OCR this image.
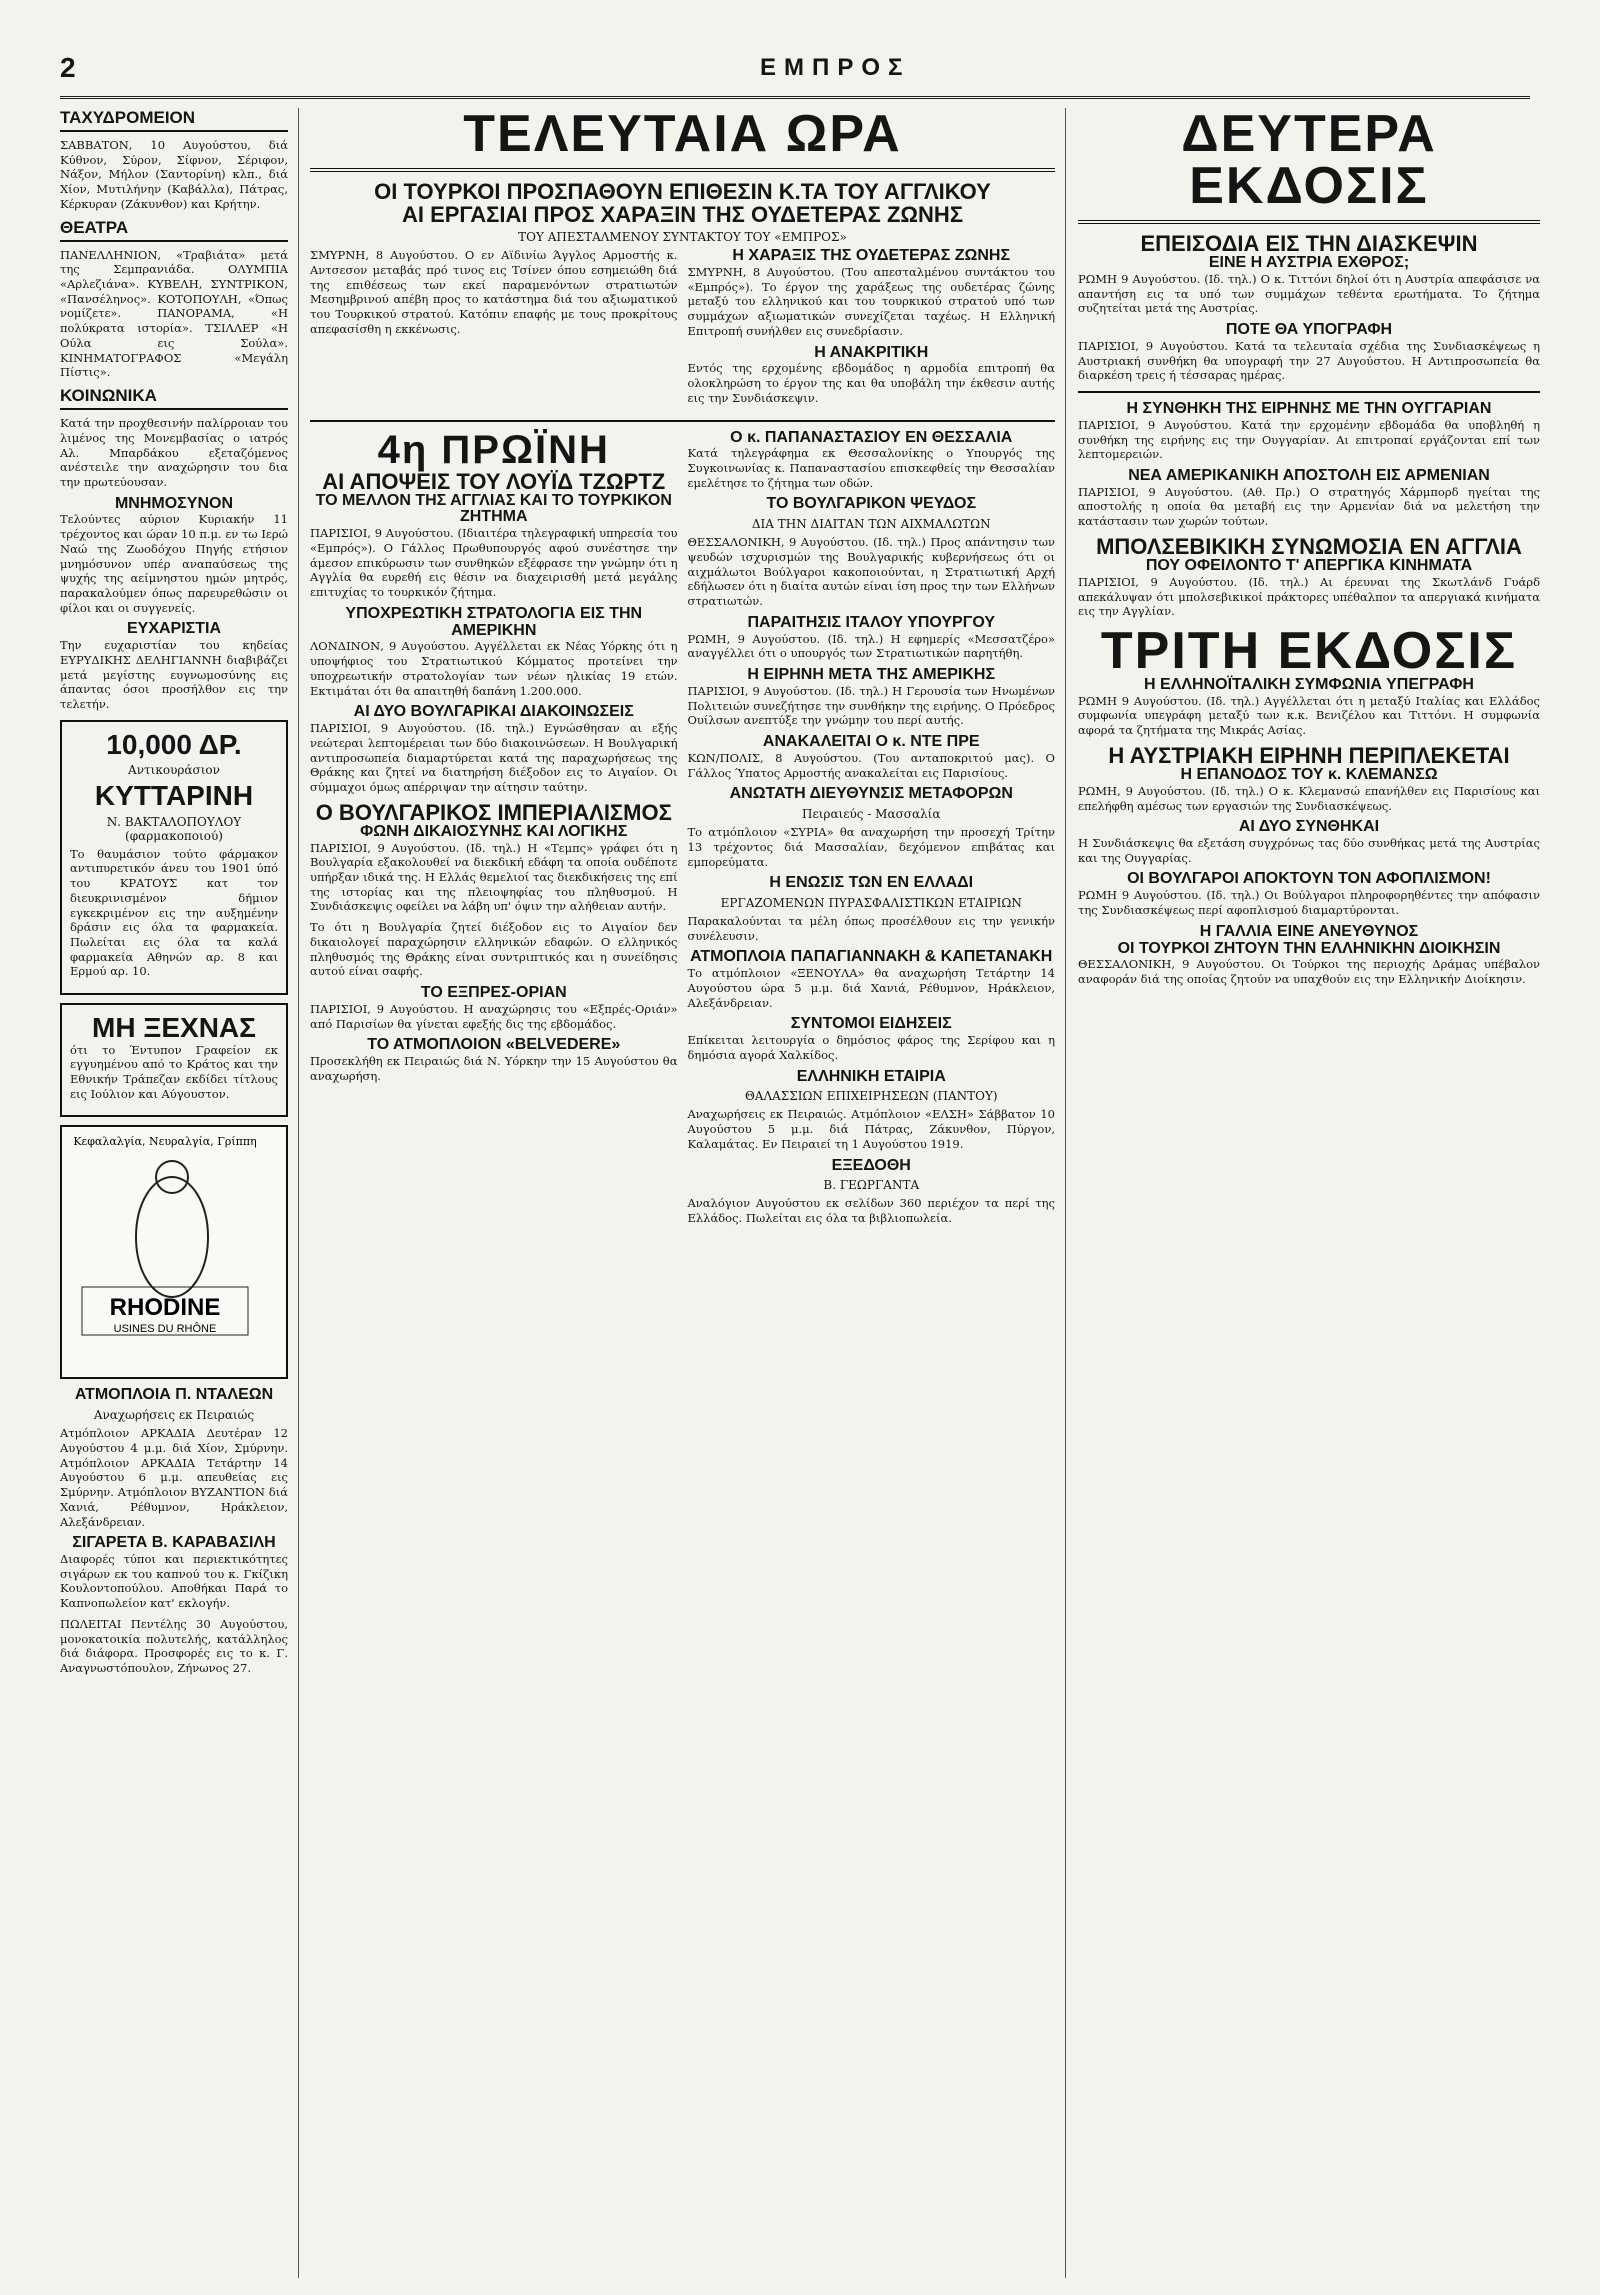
2	ΕΜΠΡΟΣ
ΤΑΧΥΔΡΟΜΕΙΟΝ

ΣΑΒΒΑΤΟΝ, 10 Αυγούστου, διά Κύθνον, Σύρον, Σίφνον, Σέριφον, Νάξον, Μήλον (Σαντορίνη) κλπ., διά Χίον, Μυτιλήνην (Καβάλλα), Πάτρας, Κέρκυραν (Ζάκυνθον) και Κρήτην.

ΘΕΑΤΡΑ

ΠΑΝΕΛΛΗΝΙΟΝ, «Τραβιάτα» μετά της Σεμπρανιάδα. ΟΛΥΜΠΙΑ «Αρλεζιάνα». ΚΥΒΕΛΗ, ΣΥΝΤΡΙΚΟΝ, «Πανσέληνος». ΚΟΤΟΠΟΥΛΗ, «Όπως νομίζετε». ΠΑΝΟΡΑΜΑ, «Η πολύκρατα ιστορία». ΤΣΙΛΛΕΡ «Η Ούλα εις Σούλα». ΚΙΝΗΜΑΤΟΓΡΑΦΟΣ «Μεγάλη Πίστις».

ΚΟΙΝΩΝΙΚΑ

Κατά την προχθεσινήν παλίρροιαν του λιμένος της Μονεμβασίας ο ιατρός Αλ. Μπαρδάκου εξεταζόμενος ανέστειλε την αναχώρησιν του δια την πρωτεύουσαν.

ΜΝΗΜΟΣΥΝΟΝ

Τελούντες αύριον Κυριακήν 11 τρέχοντος και ώραν 10 π.μ. εν τω Ιερώ Ναώ της Ζωοδόχου Πηγής ετήσιον μνημόσυνον υπέρ αναπαύσεως της ψυχής της αείμνηστου ημών μητρός, παρακαλούμεν όπως παρευρεθώσιν οι φίλοι και οι συγγενείς.

ΕΥΧΑΡΙΣΤΙΑ

Την ευχαριστίαν του κηδείας ΕΥΡΥΔΙΚΗΣ ΔΕΛΗΓΙΑΝΝΗ διαβιβάζει μετά μεγίστης ευγνωμοσύνης εις άπαντας όσοι προσήλθον εις την τελετήν.

10,000 ΔΡ.
Αντικουράσιον
ΚΥΤΤΑΡΙΝΗ
Ν. ΒΑΚΤΑΛΟΠΟΥΛΟΥ (φαρμακοποιού)

Το θαυμάσιον τούτο φάρμακον αντιπυρετικόν άνευ του 1901 ύπό του ΚΡΑΤΟΥΣ κατ τον διευκρινισμένον δήμιον εγκεκριμένον εις την αυξημένην δράσιν εις όλα τα φαρμακεία. Πωλείται εις όλα τα καλά φαρμακεία Αθηνών αρ. 8 και Ερμού αρ. 10.

ΜΗ ΞΕΧΝΑΣ

ότι το Έντυπον Γραφείον εκ εγγυημένου από το Κράτος και την Εθνικήν Τράπεζαν εκδίδει τίτλους εις Ιούλιον και Αύγουστον.

Κεφαλαλγία, Νευραλγία, Γρίππη
RHODINE
USINES DU RHÔNE
ΑΤΜΟΠΛΟΙΑ Π. ΝΤΑΛΕΩΝ
Αναχωρήσεις εκ Πειραιώς

Ατμόπλοιον ΑΡΚΑΔΙΑ Δευτέραν 12 Αυγούστου 4 μ.μ. διά Χίον, Σμύρνην. Ατμόπλοιον ΑΡΚΑΔΙΑ Τετάρτην 14 Αυγούστου 6 μ.μ. απευθείας εις Σμύρνην. Ατμόπλοιον ΒΥΖΑΝΤΙΟΝ διά Χανιά, Ρέθυμνον, Ηράκλειον, Αλεξάνδρειαν.

ΣΙΓΑΡΕΤΑ Β. ΚΑΡΑΒΑΣΙΛΗ

Διαφορές τύποι και περιεκτικότητες σιγάρων εκ του καπνού του κ. Γκίζικη Κουλοντοπούλου. Αποθήκαι Παρά το Καπνοπωλείον κατ' εκλογήν.

ΠΩΛΕΙΤΑΙ Πεντέλης 30 Αυγούστου, μονοκατοικία πολυτελής, κατάλληλος διά διάφορα. Προσφορές εις το κ. Γ. Αναγνωστόπουλον, Ζήνωνος 27.

ΤΕΛΕΥΤΑΙΑ ΩΡΑ
ΟΙ ΤΟΥΡΚΟΙ ΠΡΟΣΠΑΘΟΥΝ ΕΠΙΘΕΣΙΝ Κ.ΤΑ ΤΟΥ ΑΓΓΛΙΚΟΥ
ΑΙ ΕΡΓΑΣΙΑΙ ΠΡΟΣ ΧΑΡΑΞΙΝ ΤΗΣ ΟΥΔΕΤΕΡΑΣ ΖΩΝΗΣ
ΤΟΥ ΑΠΕΣΤΑΛΜΕΝΟΥ ΣΥΝΤΑΚΤΟΥ ΤΟΥ «ΕΜΠΡΟΣ»

ΣΜΥΡΝΗ, 8 Αυγούστου. Ο εν Αϊδινίω Άγγλος Αρμοστής κ. Αντσεσον μεταβάς πρό τινος εις Τσίνεν όπου εσημειώθη διά της επιθέσεως των εκεί παραμενόντων στρατιωτών Μεσημβρινού απέβη προς το κατάστημα διά του αξιωματικού του Τουρκικού στρατού. Κατόπιν επαφής με τους προκρίτους απεφασίσθη η εκκένωσις.

Η ΧΑΡΑΞΙΣ ΤΗΣ ΟΥΔΕΤΕΡΑΣ ΖΩΝΗΣ

ΣΜΥΡΝΗ, 8 Αυγούστου. (Του απεσταλμένου συντάκτου του «Εμπρός»). Το έργον της χαράξεως της ουδετέρας ζώνης μεταξύ του ελληνικού και του τουρκικού στρατού υπό των συμμάχων αξιωματικών συνεχίζεται ταχέως. Η Ελληνική Επιτροπή συνήλθεν εις συνεδρίασιν.

Η ΑΝΑΚΡΙΤΙΚΗ

Εντός της ερχομένης εβδομάδος η αρμοδία επιτροπή θα ολοκληρώση το έργον της και θα υποβάλη την έκθεσιν αυτής εις την Συνδιάσκεψιν.

4η ΠΡΩΪΝΗ
ΑΙ ΑΠΟΨΕΙΣ ΤΟΥ ΛΟΥΪΔ ΤΖΩΡΤΖ
ΤΟ ΜΕΛΛΟΝ ΤΗΣ ΑΓΓΛΙΑΣ ΚΑΙ ΤΟ ΤΟΥΡΚΙΚΟΝ ΖΗΤΗΜΑ

ΠΑΡΙΣΙΟΙ, 9 Αυγούστου. (Ιδιαιτέρα τηλεγραφική υπηρεσία του «Εμπρός»). Ο Γάλλος Πρωθυπουργός αφού συνέστησε την άμεσον επικύρωσιν των συνθηκών εξέφρασε την γνώμην ότι η Αγγλία θα ευρεθή εις θέσιν να διαχειρισθή μετά μεγάλης επιτυχίας το τουρκικόν ζήτημα.

ΥΠΟΧΡΕΩΤΙΚΗ ΣΤΡΑΤΟΛΟΓΙΑ ΕΙΣ ΤΗΝ ΑΜΕΡΙΚΗΝ

ΛΟΝΔΙΝΟΝ, 9 Αυγούστου. Αγγέλλεται εκ Νέας Υόρκης ότι η υποψήφιος του Στρατιωτικού Κόμματος προτείνει την υποχρεωτικήν στρατολογίαν των νέων ηλικίας 19 ετών. Εκτιμάται ότι θα απαιτηθή δαπάνη 1.200.000.

ΑΙ ΔΥΟ ΒΟΥΛΓΑΡΙΚΑΙ ΔΙΑΚΟΙΝΩΣΕΙΣ

ΠΑΡΙΣΙΟΙ, 9 Αυγούστου. (Ιδ. τηλ.) Εγνώσθησαν αι εξής νεώτεραι λεπτομέρειαι των δύο διακοινώσεων. Η Βουλγαρική αντιπροσωπεία διαμαρτύρεται κατά της παραχωρήσεως της Θράκης και ζητεί να διατηρήση διέξοδον εις το Αιγαίον. Οι σύμμαχοι όμως απέρριψαν την αίτησιν ταύτην.

Ο ΒΟΥΛΓΑΡΙΚΟΣ ΙΜΠΕΡΙΑΛΙΣΜΟΣ
ΦΩΝΗ ΔΙΚΑΙΟΣΥΝΗΣ ΚΑΙ ΛΟΓΙΚΗΣ

ΠΑΡΙΣΙΟΙ, 9 Αυγούστου. (Ιδ. τηλ.) Η «Τεμπς» γράφει ότι η Βουλγαρία εξακολουθεί να διεκδική εδάφη τα οποία ουδέποτε υπήρξαν ιδικά της. Η Ελλάς θεμελιοί τας διεκδικήσεις της επί της ιστορίας και της πλειοψηφίας του πληθυσμού. Η Συνδιάσκεψις οφείλει να λάβη υπ' όψιν την αλήθειαν αυτήν.

Το ότι η Βουλγαρία ζητεί διέξοδον εις το Αιγαίον δεν δικαιολογεί παραχώρησιν ελληνικών εδαφών. Ο ελληνικός πληθυσμός της Θράκης είναι συντριπτικός και η συνείδησις αυτού είναι σαφής.

ΤΟ ΕΞΠΡΕΣ-ΟΡΙΑΝ

ΠΑΡΙΣΙΟΙ, 9 Αυγούστου. Η αναχώρησις του «Εξπρές-Οριάν» από Παρισίων θα γίνεται εφεξής δις της εβδομάδος.

ΤΟ ΑΤΜΟΠΛΟΙΟΝ «BELVEDERE»

Προσεκλήθη εκ Πειραιώς διά Ν. Υόρκην την 15 Αυγούστου θα αναχωρήση.

Ο κ. ΠΑΠΑΝΑΣΤΑΣΙΟΥ ΕΝ ΘΕΣΣΑΛΙΑ

Κατά τηλεγράφημα εκ Θεσσαλονίκης ο Υπουργός της Συγκοινωνίας κ. Παπαναστασίου επισκεφθείς την Θεσσαλίαν εμελέτησε το ζήτημα των οδών.

ΤΟ ΒΟΥΛΓΑΡΙΚΟΝ ΨΕΥΔΟΣ
ΔΙΑ ΤΗΝ ΔΙΑΙΤΑΝ ΤΩΝ ΑΙΧΜΑΛΩΤΩΝ

ΘΕΣΣΑΛΟΝΙΚΗ, 9 Αυγούστου. (Ιδ. τηλ.) Προς απάντησιν των ψευδών ισχυρισμών της Βουλγαρικής κυβερνήσεως ότι οι αιχμάλωτοι Βούλγαροι κακοποιούνται, η Στρατιωτική Αρχή εδήλωσεν ότι η διαίτα αυτών είναι ίση προς την των Ελλήνων στρατιωτών.

ΠΑΡΑΙΤΗΣΙΣ ΙΤΑΛΟΥ ΥΠΟΥΡΓΟΥ

ΡΩΜΗ, 9 Αυγούστου. (Ιδ. τηλ.) Η εφημερίς «Μεσσατζέρο» αναγγέλλει ότι ο υπουργός των Στρατιωτικών παρητήθη.

Η ΕΙΡΗΝΗ ΜΕΤΑ ΤΗΣ ΑΜΕΡΙΚΗΣ

ΠΑΡΙΣΙΟΙ, 9 Αυγούστου. (Ιδ. τηλ.) Η Γερουσία των Ηνωμένων Πολιτειών συνεζήτησε την συνθήκην της ειρήνης. Ο Πρόεδρος Ουίλσων ανεπτύξε την γνώμην του περί αυτής.

ΑΝΑΚΑΛΕΙΤΑΙ Ο κ. ΝΤΕ ΠΡΕ

ΚΩΝ/ΠΟΛΙΣ, 8 Αυγούστου. (Του ανταποκριτού μας). Ο Γάλλος Ύπατος Αρμοστής ανακαλείται εις Παρισίους.

ΑΝΩΤΑΤΗ ΔΙΕΥΘΥΝΣΙΣ ΜΕΤΑΦΟΡΩΝ
Πειραιεύς - Μασσαλία

Το ατμόπλοιον «ΣΥΡΙΑ» θα αναχωρήση την προσεχή Τρίτην 13 τρέχοντος διά Μασσαλίαν, δεχόμενον επιβάτας και εμπορεύματα.

Η ΕΝΩΣΙΣ ΤΩΝ ΕΝ ΕΛΛΑΔΙ
ΕΡΓΑΖΟΜΕΝΩΝ ΠΥΡΑΣΦΑΛΙΣΤΙΚΩΝ ΕΤΑΙΡΙΩΝ

Παρακαλούνται τα μέλη όπως προσέλθουν εις την γενικήν συνέλευσιν.

ΑΤΜΟΠΛΟΙΑ ΠΑΠΑΓΙΑΝΝΑΚΗ & ΚΑΠΕΤΑΝΑΚΗ

Το ατμόπλοιον «ΞΕΝΟΥΛΑ» θα αναχωρήση Τετάρτην 14 Αυγούστου ώρα 5 μ.μ. διά Χανιά, Ρέθυμνον, Ηράκλειον, Αλεξάνδρειαν.

ΣΥΝΤΟΜΟΙ ΕΙΔΗΣΕΙΣ

Επίκειται λειτουργία ο δημόσιος φάρος της Σερίφου και η δημόσια αγορά Χαλκίδος.

ΕΛΛΗΝΙΚΗ ΕΤΑΙΡΙΑ
ΘΑΛΑΣΣΙΩΝ ΕΠΙΧΕΙΡΗΣΕΩΝ (ΠΑΝΤΟΥ)

Αναχωρήσεις εκ Πειραιώς. Ατμόπλοιον «ΕΛΣΗ» Σάββατον 10 Αυγούστου 5 μ.μ. διά Πάτρας, Ζάκυνθον, Πύργον, Καλαμάτας. Εν Πειραιεί τη 1 Αυγούστου 1919.

ΕΞΕΔΟΘΗ
Β. ΓΕΩΡΓΑΝΤΑ

Αναλόγιον Αυγούστου εκ σελίδων 360 περιέχον τα περί της Ελλάδος. Πωλείται εις όλα τα βιβλιοπωλεία.

ΔΕΥΤΕΡΑ ΕΚΔΟΣΙΣ
ΕΠΕΙΣΟΔΙΑ ΕΙΣ ΤΗΝ ΔΙΑΣΚΕΨΙΝ
ΕΙΝΕ Η ΑΥΣΤΡΙΑ ΕΧΘΡΟΣ;

ΡΩΜΗ 9 Αυγούστου. (Ιδ. τηλ.) Ο κ. Τιττόνι δηλοί ότι η Αυστρία απεφάσισε να απαντήση εις τα υπό των συμμάχων τεθέντα ερωτήματα. Το ζήτημα συζητείται μετά της Αυστρίας.

ΠΟΤΕ ΘΑ ΥΠΟΓΡΑΦΗ

ΠΑΡΙΣΙΟΙ, 9 Αυγούστου. Κατά τα τελευταία σχέδια της Συνδιασκέψεως η Αυστριακή συνθήκη θα υπογραφή την 27 Αυγούστου. Η Αντιπροσωπεία θα διαρκέση τρεις ή τέσσαρας ημέρας.

Η ΣΥΝΘΗΚΗ ΤΗΣ ΕΙΡΗΝΗΣ ΜΕ ΤΗΝ ΟΥΓΓΑΡΙΑΝ

ΠΑΡΙΣΙΟΙ, 9 Αυγούστου. Κατά την ερχομένην εβδομάδα θα υποβληθή η συνθήκη της ειρήνης εις την Ουγγαρίαν. Αι επιτροπαί εργάζονται επί των λεπτομερειών.

ΝΕΑ ΑΜΕΡΙΚΑΝΙΚΗ ΑΠΟΣΤΟΛΗ ΕΙΣ ΑΡΜΕΝΙΑΝ

ΠΑΡΙΣΙΟΙ, 9 Αυγούστου. (Αθ. Πρ.) Ο στρατηγός Χάρμπορδ ηγείται της αποστολής η οποία θα μεταβή εις την Αρμενίαν διά να μελετήση την κατάστασιν των χωρών τούτων.

ΜΠΟΛΣΕΒΙΚΙΚΗ ΣΥΝΩΜΟΣΙΑ ΕΝ ΑΓΓΛΙΑ
ΠΟΥ ΟΦΕΙΛΟΝΤΟ Τ' ΑΠΕΡΓΙΚΑ ΚΙΝΗΜΑΤΑ

ΠΑΡΙΣΙΟΙ, 9 Αυγούστου. (Ιδ. τηλ.) Αι έρευναι της Σκωτλάνδ Γυάρδ απεκάλυψαν ότι μπολσεβικικοί πράκτορες υπέθαλπον τα απεργιακά κινήματα εις την Αγγλίαν.

ΤΡΙΤΗ ΕΚΔΟΣΙΣ
Η ΕΛΛΗΝΟΪΤΑΛΙΚΗ ΣΥΜΦΩΝΙΑ ΥΠΕΓΡΑΦΗ

ΡΩΜΗ 9 Αυγούστου. (Ιδ. τηλ.) Αγγέλλεται ότι η μεταξύ Ιταλίας και Ελλάδος συμφωνία υπεγράφη μεταξύ των κ.κ. Βενιζέλου και Τιττόνι. Η συμφωνία αφορά τα ζητήματα της Μικράς Ασίας.

Η ΑΥΣΤΡΙΑΚΗ ΕΙΡΗΝΗ ΠΕΡΙΠΛΕΚΕΤΑΙ
Η ΕΠΑΝΟΔΟΣ ΤΟΥ κ. ΚΛΕΜΑΝΣΩ

ΡΩΜΗ, 9 Αυγούστου. (Ιδ. τηλ.) Ο κ. Κλεμανσώ επανήλθεν εις Παρισίους και επελήφθη αμέσως των εργασιών της Συνδιασκέψεως.

ΑΙ ΔΥΟ ΣΥΝΘΗΚΑΙ

Η Συνδιάσκεψις θα εξετάση συγχρόνως τας δύο συνθήκας μετά της Αυστρίας και της Ουγγαρίας.

ΟΙ ΒΟΥΛΓΑΡΟΙ ΑΠΟΚΤΟΥΝ ΤΟΝ ΑΦΟΠΛΙΣΜΟΝ!

ΡΩΜΗ 9 Αυγούστου. (Ιδ. τηλ.) Οι Βούλγαροι πληροφορηθέντες την απόφασιν της Συνδιασκέψεως περί αφοπλισμού διαμαρτύρονται.

Η ΓΑΛΛΙΑ ΕΙΝΕ ΑΝΕΥΘΥΝΟΣ
ΟΙ ΤΟΥΡΚΟΙ ΖΗΤΟΥΝ ΤΗΝ ΕΛΛΗΝΙΚΗΝ ΔΙΟΙΚΗΣΙΝ

ΘΕΣΣΑΛΟΝΙΚΗ, 9 Αυγούστου. Οι Τούρκοι της περιοχής Δράμας υπέβαλον αναφοράν διά της οποίας ζητούν να υπαχθούν εις την Ελληνικήν Διοίκησιν.
